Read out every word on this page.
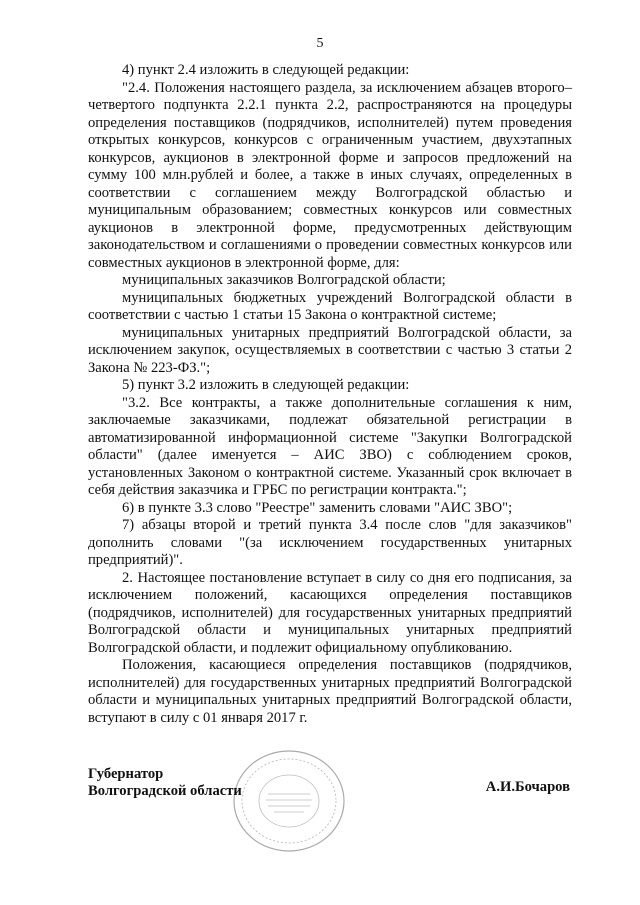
5

4) пункт 2.4 изложить в следующей редакции:

"2.4. Положения настоящего раздела, за исключением абзацев второго–четвертого подпункта 2.2.1 пункта 2.2, распространяются на процедуры определения поставщиков (подрядчиков, исполнителей) путем проведения открытых конкурсов, конкурсов с ограниченным участием, двухэтапных конкурсов, аукционов в электронной форме и запросов предложений на сумму 100 млн.рублей и более, а также в иных случаях, определенных в соответствии с соглашением между Волгоградской областью и муниципальным образованием; совместных конкурсов или совместных аукционов в электронной форме, предусмотренных действующим законодательством и соглашениями о проведении совместных конкурсов или совместных аукционов в электронной форме, для:

муниципальных заказчиков Волгоградской области;

муниципальных бюджетных учреждений Волгоградской области в соответствии с частью 1 статьи 15 Закона о контрактной системе;

муниципальных унитарных предприятий Волгоградской области, за исключением закупок, осуществляемых в соответствии с частью 3 статьи 2 Закона № 223-ФЗ.";

5) пункт 3.2 изложить в следующей редакции:

"3.2. Все контракты, а также дополнительные соглашения к ним, заключаемые заказчиками, подлежат обязательной регистрации в автоматизированной информационной системе "Закупки Волгоградской области" (далее именуется – АИС ЗВО) с соблюдением сроков, установленных Законом о контрактной системе. Указанный срок включает в себя действия заказчика и ГРБС по регистрации контракта.";

6) в пункте 3.3 слово "Реестре" заменить словами "АИС ЗВО";

7) абзацы второй и третий пункта 3.4 после слов "для заказчиков" дополнить словами "(за исключением государственных унитарных предприятий)".

2. Настоящее постановление вступает в силу со дня его подписания, за исключением положений, касающихся определения поставщиков (подрядчиков, исполнителей) для государственных унитарных предприятий Волгоградской области и муниципальных унитарных предприятий Волгоградской области, и подлежит официальному опубликованию.

Положения, касающиеся определения поставщиков (подрядчиков, исполнителей) для государственных унитарных предприятий Волгоградской области и муниципальных унитарных предприятий Волгоградской области, вступают в силу с 01 января 2017 г.

Губернатор
Волгоградской области	А.И.Бочаров
